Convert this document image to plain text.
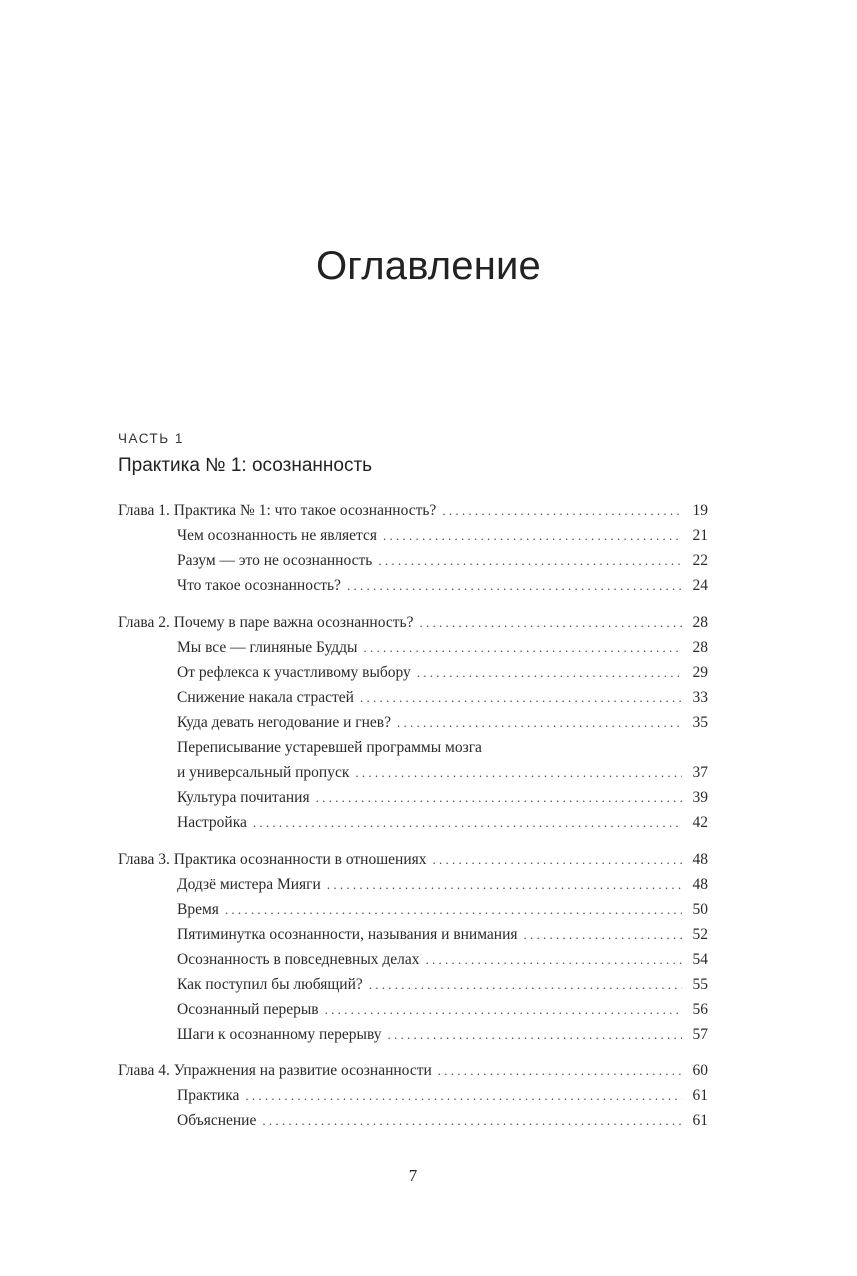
Оглавление
ЧАСТЬ 1
Практика № 1: осознанность
Глава 1. Практика № 1: что такое осознанность? . . .	19
Чем осознанность не является . . .	21
Разум — это не осознанность . . .	22
Что такое осознанность? . . .	24
Глава 2. Почему в паре важна осознанность? . . .	28
Мы все — глиняные Будды . . .	28
От рефлекса к участливому выбору . . .	29
Снижение накала страстей . . .	33
Куда девать негодование и гнев? . . .	35
Переписывание устаревшей программы мозга
и универсальный пропуск . . .	37
Культура почитания . . .	39
Настройка . . .	42
Глава 3. Практика осознанности в отношениях . . .	48
Додзё мистера Мияги . . .	48
Время . . .	50
Пятиминутка осознанности, называния и внимания . . .	52
Осознанность в повседневных делах . . .	54
Как поступил бы любящий? . . .	55
Осознанный перерыв . . .	56
Шаги к осознанному перерыву . . .	57
Глава 4. Упражнения на развитие осознанности . . .	60
Практика . . .	61
Объяснение . . .	61
7
